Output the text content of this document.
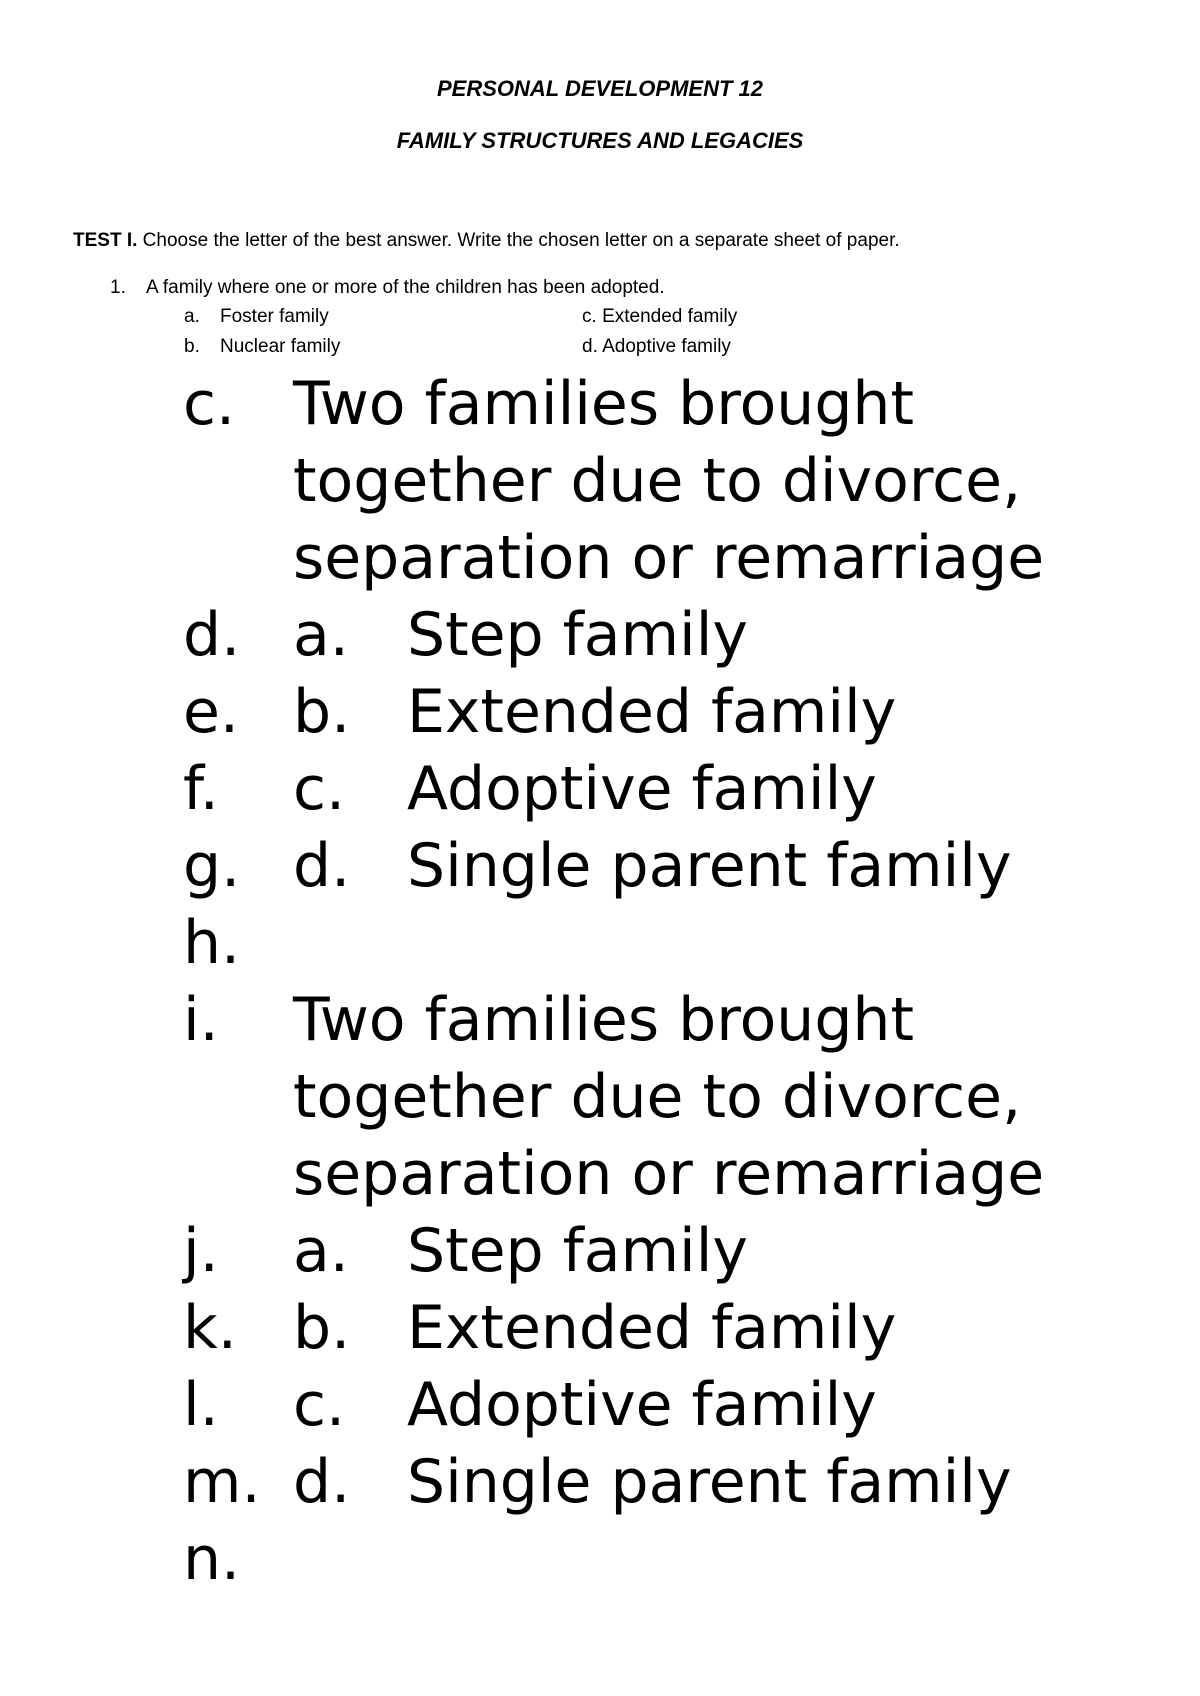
PERSONAL DEVELOPMENT 12

FAMILY STRUCTURES AND LEGACIES

TEST I. Choose the letter of the best answer. Write the chosen letter on a separate sheet of paper.

1. A family where one or more of the children has been adopted.
a. Foster family
b. Nuclear family
c. Extended family
d. Adoptive family
c. Two families brought together due to divorce, separation or remarriage
d. a. Step family
e. b. Extended family
f. c. Adoptive family
g. d. Single parent family
h.
i. Two families brought together due to divorce, separation or remarriage
j. a. Step family
k. b. Extended family
l. c. Adoptive family
m. d. Single parent family
n.
